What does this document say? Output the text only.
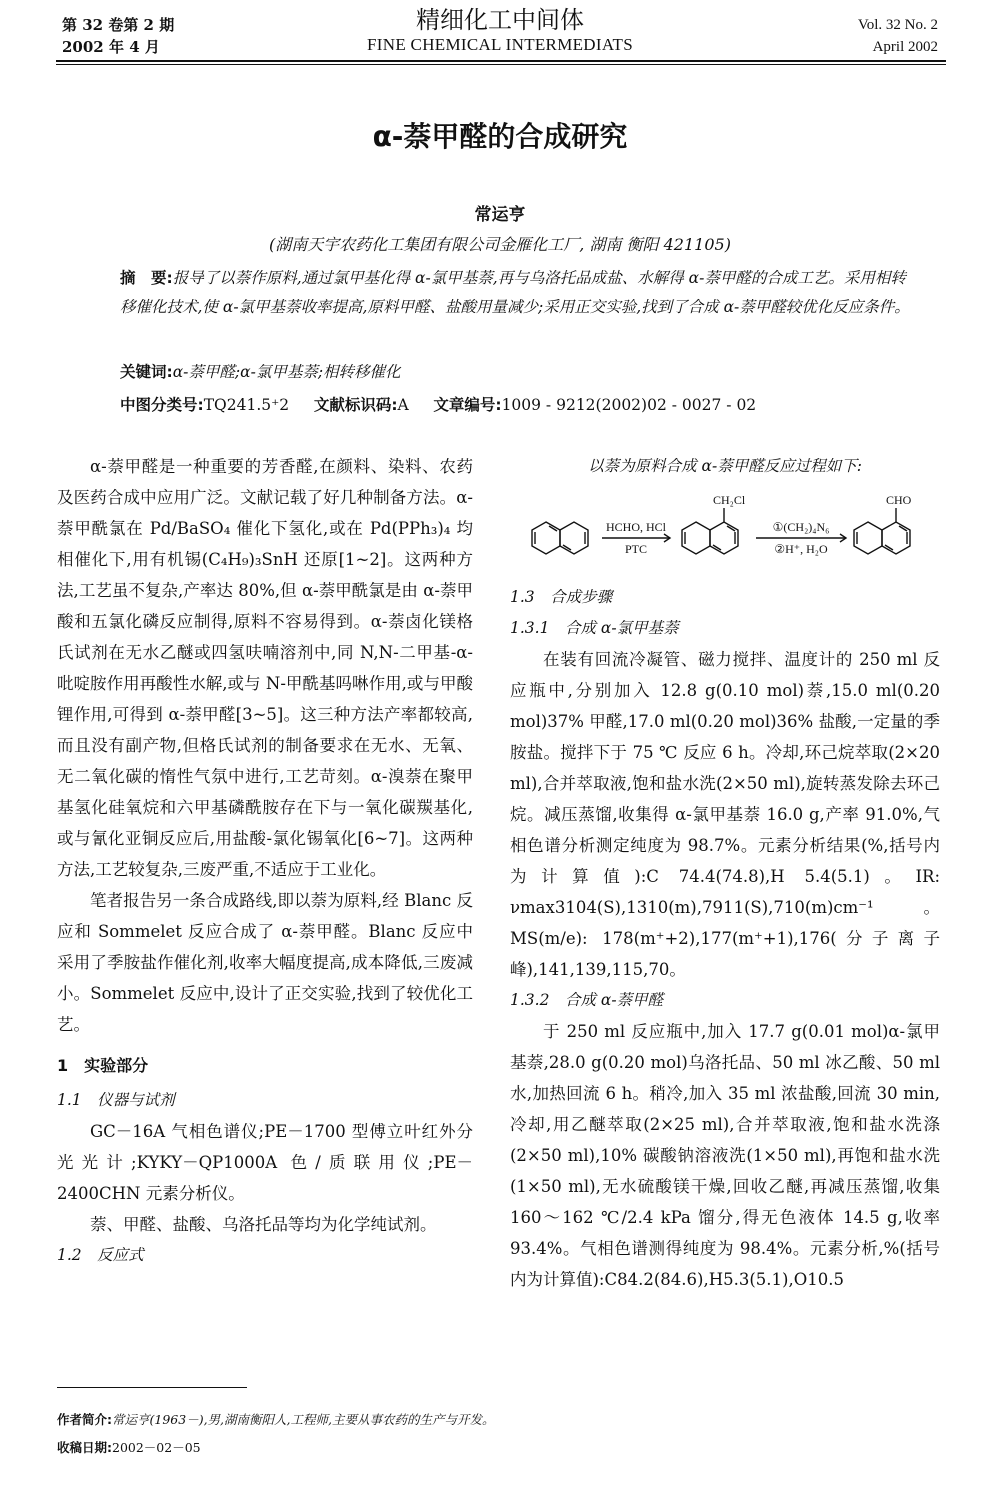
第 32 卷第 2 期
2002 年 4 月
精细化工中间体
FINE CHEMICAL INTERMEDIATS
Vol. 32 No. 2
April 2002
α-萘甲醛的合成研究
常运亨
(湖南天宇农药化工集团有限公司金雁化工厂, 湖南 衡阳 421105)
摘　要:报导了以萘作原料,通过氯甲基化得 α-氯甲基萘,再与乌洛托品成盐、水解得 α-萘甲醛的合成工艺。采用相转移催化技术,使 α-氯甲基萘收率提高,原料甲醛、盐酸用量减少;采用正交实验,找到了合成 α-萘甲醛较优化反应条件。
关键词:α-萘甲醛;α-氯甲基萘;相转移催化
中图分类号:TQ241.5⁺2 文献标识码:A 文章编号:1009 - 9212(2002)02 - 0027 - 02

α-萘甲醛是一种重要的芳香醛,在颜料、染料、农药及医药合成中应用广泛。文献记载了好几种制备方法。α-萘甲酰氯在 Pd/BaSO₄ 催化下氢化,或在 Pd(PPh₃)₄ 均相催化下,用有机锡(C₄H₉)₃SnH 还原[1~2]。这两种方法,工艺虽不复杂,产率达 80%,但 α-萘甲酰氯是由 α-萘甲酸和五氯化磷反应制得,原料不容易得到。α-萘卤化镁格氏试剂在无水乙醚或四氢呋喃溶剂中,同 N,N-二甲基-α-吡啶胺作用再酸性水解,或与 N-甲酰基吗啉作用,或与甲酸锂作用,可得到 α-萘甲醛[3~5]。这三种方法产率都较高,而且没有副产物,但格氏试剂的制备要求在无水、无氧、无二氧化碳的惰性气氛中进行,工艺苛刻。α-溴萘在聚甲基氢化硅氧烷和六甲基磷酰胺存在下与一氧化碳羰基化,或与氰化亚铜反应后,用盐酸-氯化锡氧化[6~7]。这两种方法,工艺较复杂,三废严重,不适应于工业化。

笔者报告另一条合成路线,即以萘为原料,经 Blanc 反应和 Sommelet 反应合成了 α-萘甲醛。Blanc 反应中采用了季胺盐作催化剂,收率大幅度提高,成本降低,三废减小。Sommelet 反应中,设计了正交实验,找到了较优化工艺。

1　实验部分
1.1　仪器与试剂

GC－16A 气相色谱仪;PE－1700 型傅立叶红外分光光计;KYKY－QP1000A 色/质联用仪;PE－2400CHN 元素分析仪。

萘、甲醛、盐酸、乌洛托品等均为化学纯试剂。

1.2　反应式
以萘为原料合成 α-萘甲醛反应过程如下:
HCHO, HCl
PTC
①(CH₂)₄N₆
②H⁺, H₂O
CH₂Cl	CHO
1.3　合成步骤
1.3.1　合成 α-氯甲基萘

在装有回流冷凝管、磁力搅拌、温度计的 250 ml 反应瓶中,分别加入 12.8 g(0.10 mol)萘,15.0 ml(0.20 mol)37% 甲醛,17.0 ml(0.20 mol)36% 盐酸,一定量的季胺盐。搅拌下于 75 ℃ 反应 6 h。冷却,环己烷萃取(2×20 ml),合并萃取液,饱和盐水洗(2×50 ml),旋转蒸发除去环己烷。减压蒸馏,收集得 α-氯甲基萘 16.0 g,产率 91.0%,气相色谱分析测定纯度为 98.7%。元素分析结果(%,括号内为计算值):C 74.4(74.8),H 5.4(5.1)。IR: νmax3104(S),1310(m),7911(S),710(m)cm⁻¹。MS(m/e): 178(m⁺+2),177(m⁺+1),176(分子离子峰),141,139,115,70。

1.3.2　合成 α-萘甲醛

于 250 ml 反应瓶中,加入 17.7 g(0.01 mol)α-氯甲基萘,28.0 g(0.20 mol)乌洛托品、50 ml 冰乙酸、50 ml 水,加热回流 6 h。稍冷,加入 35 ml 浓盐酸,回流 30 min,冷却,用乙醚萃取(2×25 ml),合并萃取液,饱和盐水洗涤(2×50 ml),10% 碳酸钠溶液洗(1×50 ml),再饱和盐水洗(1×50 ml),无水硫酸镁干燥,回收乙醚,再减压蒸馏,收集 160～162 ℃/2.4 kPa 馏分,得无色液体 14.5 g,收率 93.4%。气相色谱测得纯度为 98.4%。元素分析,%(括号内为计算值):C84.2(84.6),H5.3(5.1),O10.5

作者简介:常运亨(1963－),男,湖南衡阳人,工程师,主要从事农药的生产与开发。
收稿日期:2002－02－05
